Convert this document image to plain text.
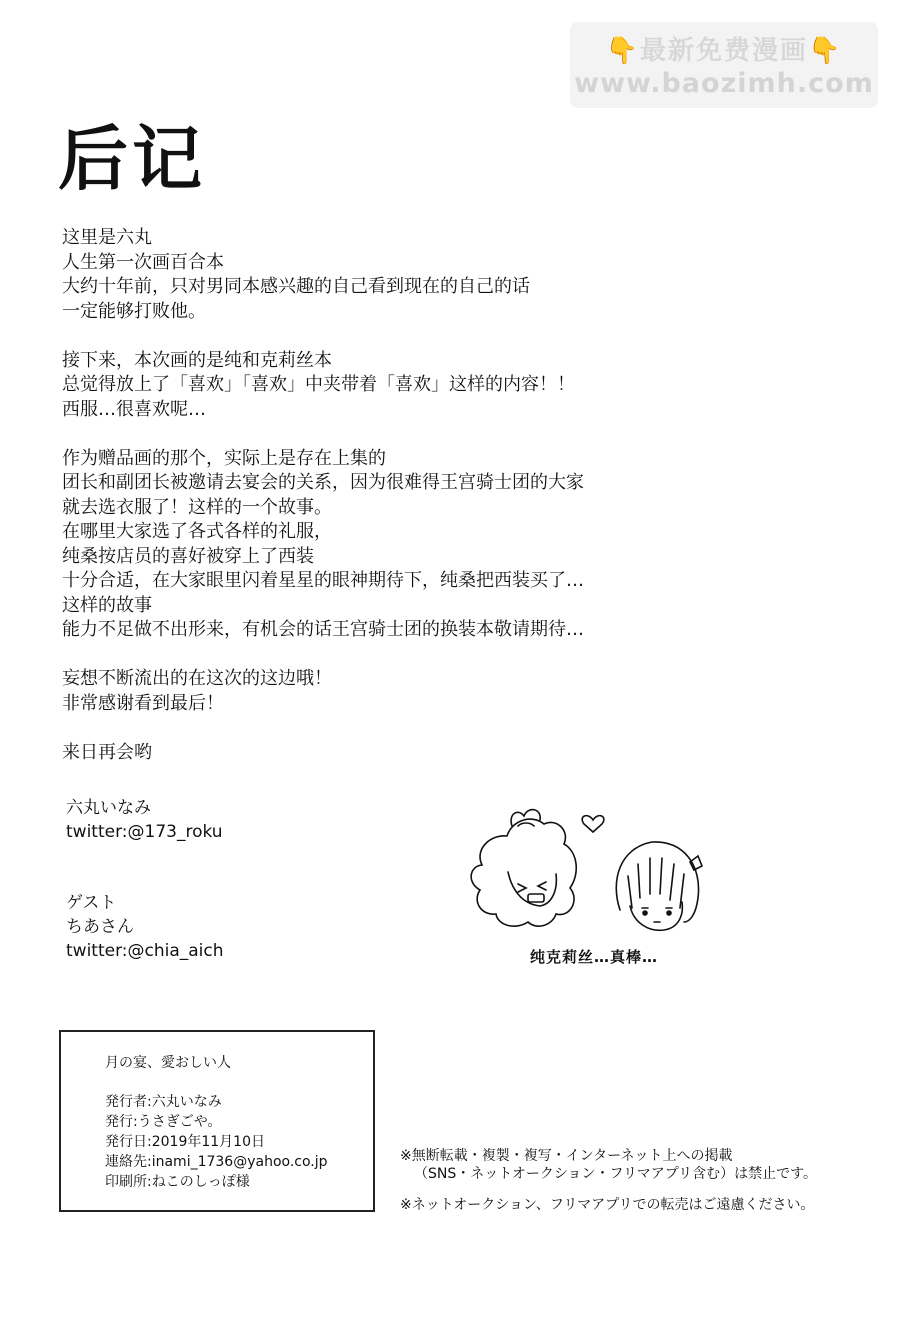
👇最新免费漫画👇
www.baozimh.com
后记

这里是六丸

人生第一次画百合本

大约十年前，只对男同本感兴趣的自己看到现在的自己的话

一定能够打败他。

接下来，本次画的是纯和克莉丝本

总觉得放上了「喜欢」「喜欢」中夹带着「喜欢」这样的内容！！

西服…很喜欢呢…

作为赠品画的那个，实际上是存在上集的

团长和副团长被邀请去宴会的关系，因为很难得王宫骑士团的大家

就去选衣服了！这样的一个故事。

在哪里大家选了各式各样的礼服，

纯桑按店员的喜好被穿上了西装

十分合适，在大家眼里闪着星星的眼神期待下，纯桑把西装买了…

这样的故事

能力不足做不出形来，有机会的话王宫骑士团的换装本敬请期待…

妄想不断流出的在这次的这边哦！

非常感谢看到最后！

来日再会哟

六丸いなみ

twitter:@173_roku

ゲスト

ちあさん

twitter:@chia_aich	纯克莉丝…真棒…
月の宴、愛おしい人

発行者:六丸いなみ

発行:うさぎごや。

発行日:2019年11月10日

連絡先:inami_1736@yahoo.co.jp

印刷所:ねこのしっぽ様

※無断転載・複製・複写・インターネット上への掲載

（SNS・ネットオークション・フリマアプリ含む）は禁止です。

※ネットオークション、フリマアプリでの転売はご遠慮ください。
